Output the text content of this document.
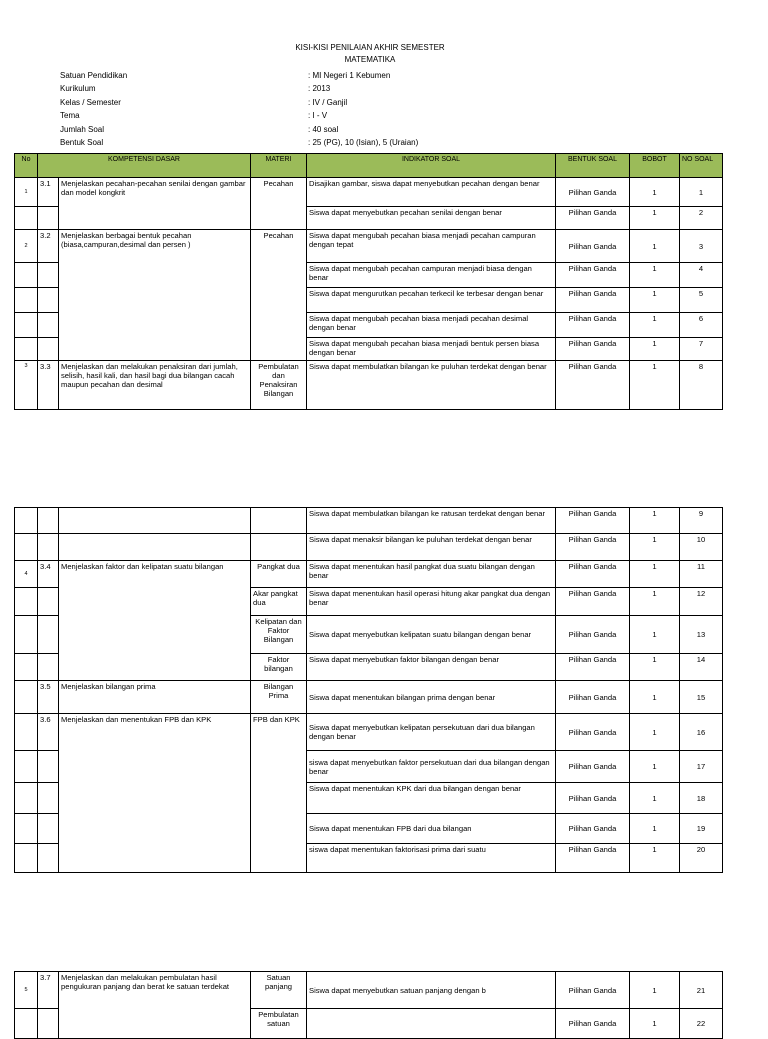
KISI-KISI PENILAIAN AKHIR SEMESTER
MATEMATIKA
Satuan Pendidikan	: MI Negeri 1 Kebumen
Kurikulum	: 2013
Kelas / Semester	: IV / Ganjil
Tema	: I - V
Jumlah Soal	: 40 soal
Bentuk Soal	: 25 (PG), 10 (Isian), 5 (Uraian)
No	KOMPETENSI DASAR		MATERI	INDIKATOR SOAL	BENTUK SOAL	BOBOT	NO SOAL
1	3.1	Menjelaskan pecahan-pecahan senilai dengan gambar dan model kongkrit	Pecahan	Disajikan gambar, siswa dapat menyebutkan pecahan dengan benar	Pilihan Ganda	1	1
				Siswa dapat menyebutkan pecahan senilai dengan benar	Pilihan Ganda	1	2
2	3.2	Menjelaskan berbagai bentuk pecahan (biasa,campuran,desimal dan persen )	Pecahan	Siswa dapat mengubah pecahan biasa menjadi pecahan campuran dengan tepat	Pilihan Ganda	1	3
				Siswa dapat mengubah pecahan campuran menjadi biasa dengan benar	Pilihan Ganda	1	4
				Siswa dapat mengurutkan pecahan terkecil ke terbesar dengan benar	Pilihan Ganda	1	5
				Siswa dapat mengubah pecahan biasa menjadi pecahan desimal dengan benar	Pilihan Ganda	1	6
				Siswa dapat mengubah pecahan biasa menjadi bentuk persen biasa dengan benar	Pilihan Ganda	1	7
3	3.3	Menjelaskan dan melakukan penaksiran dari jumlah, selisih, hasil kali, dan hasil bagi dua bilangan cacah maupun pecahan dan desimal	Pembulatan dan Penaksiran Bilangan	Siswa dapat membulatkan bilangan ke puluhan terdekat dengan benar	Pilihan Ganda	1	8
				Siswa dapat membulatkan bilangan ke ratusan terdekat dengan benar	Pilihan Ganda	1	9
				Siswa dapat menaksir bilangan ke puluhan terdekat dengan benar	Pilihan Ganda	1	10
4	3.4	Menjelaskan faktor dan kelipatan suatu bilangan	Pangkat dua	Siswa dapat menentukan hasil pangkat dua suatu bilangan dengan benar	Pilihan Ganda	1	11
			Akar pangkat dua	Siswa dapat menentukan hasil operasi hitung akar pangkat dua dengan benar	Pilihan Ganda	1	12
			Kelipatan dan Faktor Bilangan	Siswa dapat menyebutkan kelipatan suatu bilangan dengan benar	Pilihan Ganda	1	13
			Faktor bilangan	Siswa dapat menyebutkan faktor bilangan dengan benar	Pilihan Ganda	1	14
	3.5	Menjelaskan bilangan prima	Bilangan Prima	Siswa dapat menentukan bilangan prima dengan benar	Pilihan Ganda	1	15
	3.6	Menjelaskan dan menentukan FPB dan KPK	FPB dan KPK	Siswa dapat menyebutkan kelipatan persekutuan dari dua bilangan dengan benar	Pilihan Ganda	1	16
				siswa dapat menyebutkan faktor persekutuan dari dua bilangan dengan benar	Pilihan Ganda	1	17
				Siswa dapat menentukan KPK dari dua bilangan dengan benar	Pilihan Ganda	1	18
				Siswa dapat menentukan FPB dari dua bilangan	Pilihan Ganda	1	19
				siswa dapat menentukan faktorisasi prima dari suatu	Pilihan Ganda	1	20
5	3.7	Menjelaskan dan melakukan pembulatan hasil pengukuran panjang dan berat ke satuan terdekat	Satuan panjang	Siswa dapat menyebutkan satuan panjang dengan b	Pilihan Ganda	1	21
			Pembulatan satuan		Pilihan Ganda	1	22
